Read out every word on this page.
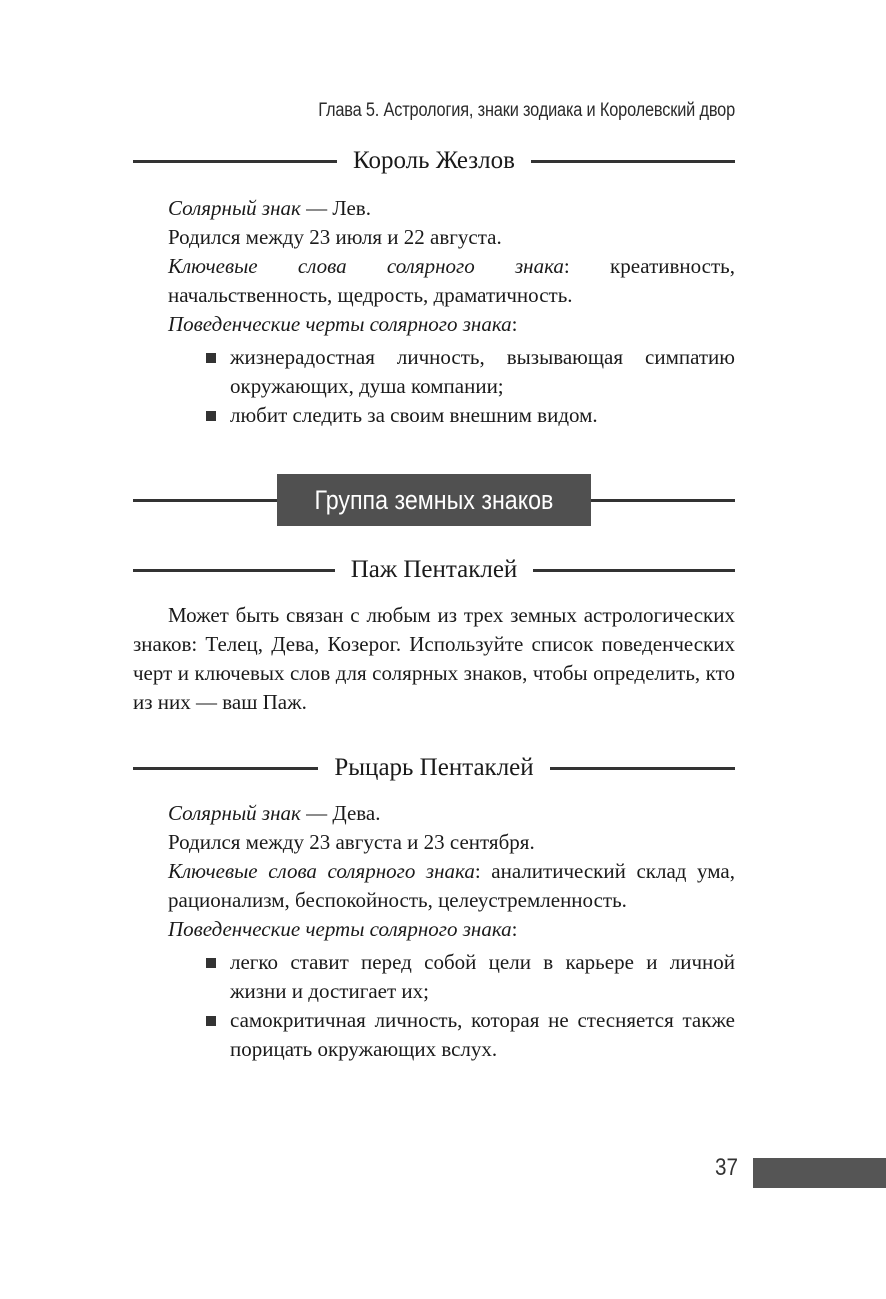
Глава 5. Астрология, знаки зодиака и Королевский двор
Король Жезлов

Солярный знак — Лев.

Родился между 23 июля и 22 августа.

Ключевые слова солярного знака: креативность, начальственность, щедрость, драматичность.

Поведенческие черты солярного знака:

жизнерадостная личность, вызывающая симпатию окружающих, душа компании;
любит следить за своим внешним видом.
Группа земных знаков
Паж Пентаклей

Может быть связан с любым из трех земных астрологических знаков: Телец, Дева, Козерог. Используйте список поведенческих черт и ключевых слов для солярных знаков, чтобы определить, кто из них — ваш Паж.

Рыцарь Пентаклей

Солярный знак — Дева.

Родился между 23 августа и 23 сентября.

Ключевые слова солярного знака: аналитический склад ума, рационализм, беспокойность, целеустремленность.

Поведенческие черты солярного знака:

легко ставит перед собой цели в карьере и личной жизни и достигает их;
самокритичная личность, которая не стесняется также порицать окружающих вслух.
37
